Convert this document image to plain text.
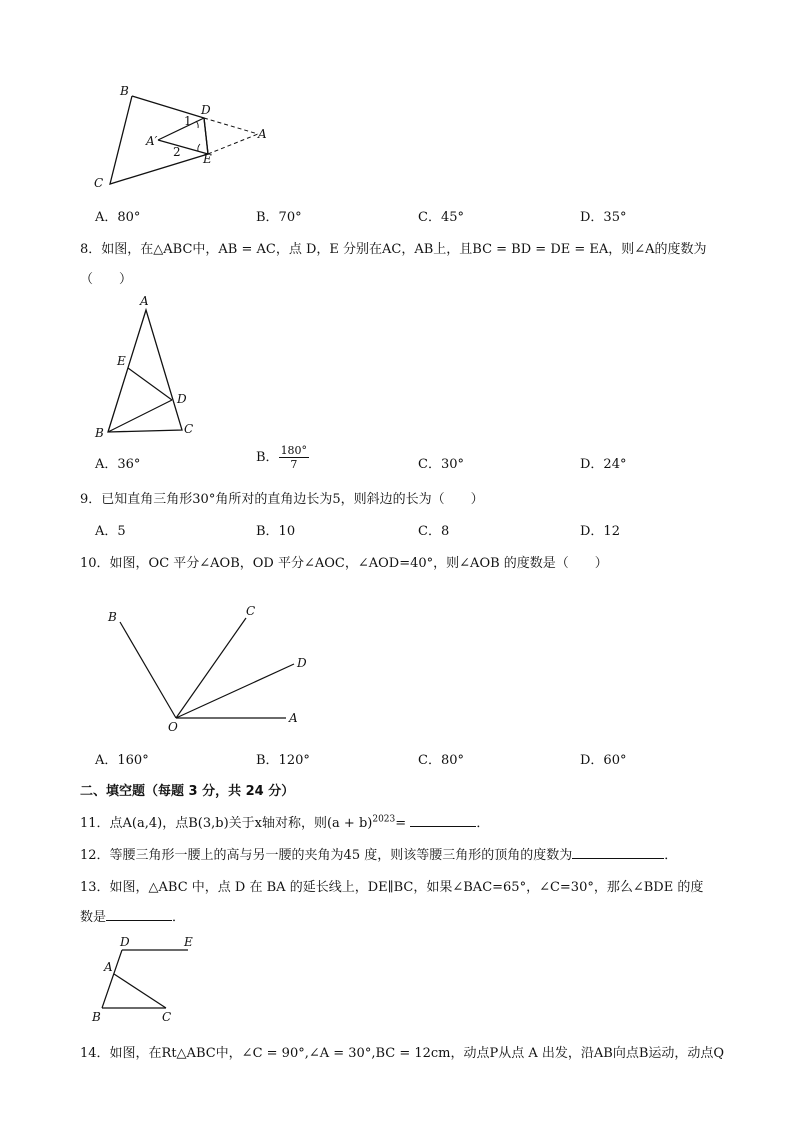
B
C
D
A′
E
A
1
2
A．80°	B．70°	C．45°	D．35°
8．如图，在△ABC中，AB = AC，点 D，E 分别在AC，AB上，且BC = BD = DE = EA，则∠A的度数为
（　　）
A
E
D
B	C
A．36°	B． $\frac{180^\circ}{7}$	C．30°	D．24°
9．已知直角三角形30°角所对的直角边长为5，则斜边的长为（　　）
A．5	B．10	C．8	D．12
10．如图，OC 平分∠AOB，OD 平分∠AOC，∠AOD=40°，则∠AOB 的度数是（　　）
B	C
D
O
A
A．160°	B．120°	C．80°	D．60°
二、填空题（每题 3 分，共 24 分）
11．点A(a,4)，点B(3,b)关于x轴对称，则$(a + b)^{2023}=$	．
12．等腰三角形一腰上的高与另一腰的夹角为45 度，则该等腰三角形的顶角的度数为	．
13．如图，△ABC 中，点 D 在 BA 的延长线上，DE∥BC，如果∠BAC=65°，∠C=30°，那么∠BDE 的度
数是	．
D	E
A
B	C
14．如图，在Rt△ABC中，∠C = 90°,∠A = 30°,BC = 12cm，动点P从点 A 出发，沿AB向点B运动，动点Q
